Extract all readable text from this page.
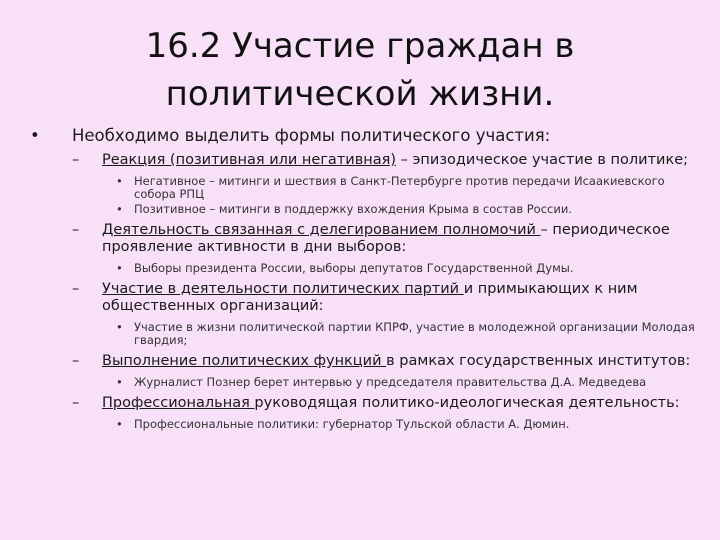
16.2 Участие граждан в
политической жизни.
• Необходимо выделить формы политического участия:
– Реакция (позитивная или негативная) – эпизодическое участие в политике;
• Негативное – митинги и шествия в Санкт-Петербурге против передачи Исаакиевского собора РПЦ
• Позитивное – митинги в поддержку вхождения Крыма в состав России.
– Деятельность связанная с делегированием полномочий – периодическое проявление активности в дни выборов:
• Выборы президента России, выборы депутатов Государственной Думы.
– Участие в деятельности политических партий и примыкающих к ним общественных организаций:
• Участие в жизни политической партии КПРФ, участие в молодежной организации Молодая гвардия;
– Выполнение политических функций в рамках государственных институтов:
• Журналист Познер берет интервью у председателя правительства Д.А. Медведева
– Профессиональная руководящая политико-идеологическая деятельность:
• Профессиональные политики: губернатор Тульской области А. Дюмин.
